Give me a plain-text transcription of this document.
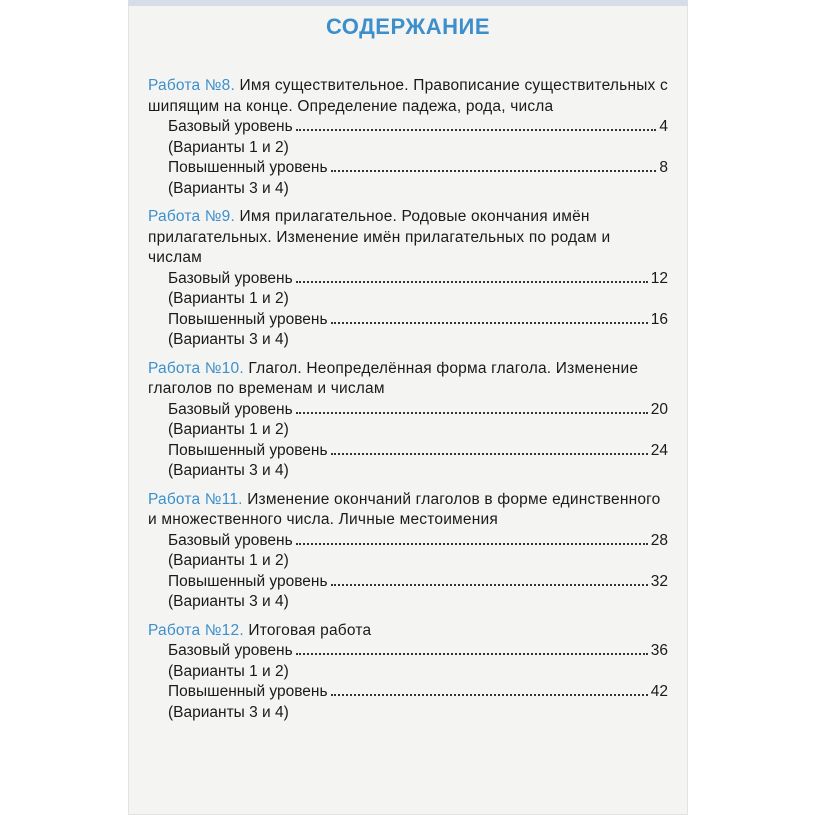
СОДЕРЖАНИЕ
Работа №8. Имя существительное. Правописание существительных с шипящим на конце. Определение падежа, рода, числа
Базовый уровень	4
(Варианты 1 и 2)
Повышенный уровень	8
(Варианты 3 и 4)
Работа №9. Имя прилагательное. Родовые окончания имён прилагательных. Изменение имён прилагательных по родам и числам
Базовый уровень	12
(Варианты 1 и 2)
Повышенный уровень	16
(Варианты 3 и 4)
Работа №10. Глагол. Неопределённая форма глагола. Изменение глаголов по временам и числам
Базовый уровень	20
(Варианты 1 и 2)
Повышенный уровень	24
(Варианты 3 и 4)
Работа №11. Изменение окончаний глаголов в форме единственного и множественного числа. Личные местоимения
Базовый уровень	28
(Варианты 1 и 2)
Повышенный уровень	32
(Варианты 3 и 4)
Работа №12. Итоговая работа
Базовый уровень	36
(Варианты 1 и 2)
Повышенный уровень	42
(Варианты 3 и 4)
